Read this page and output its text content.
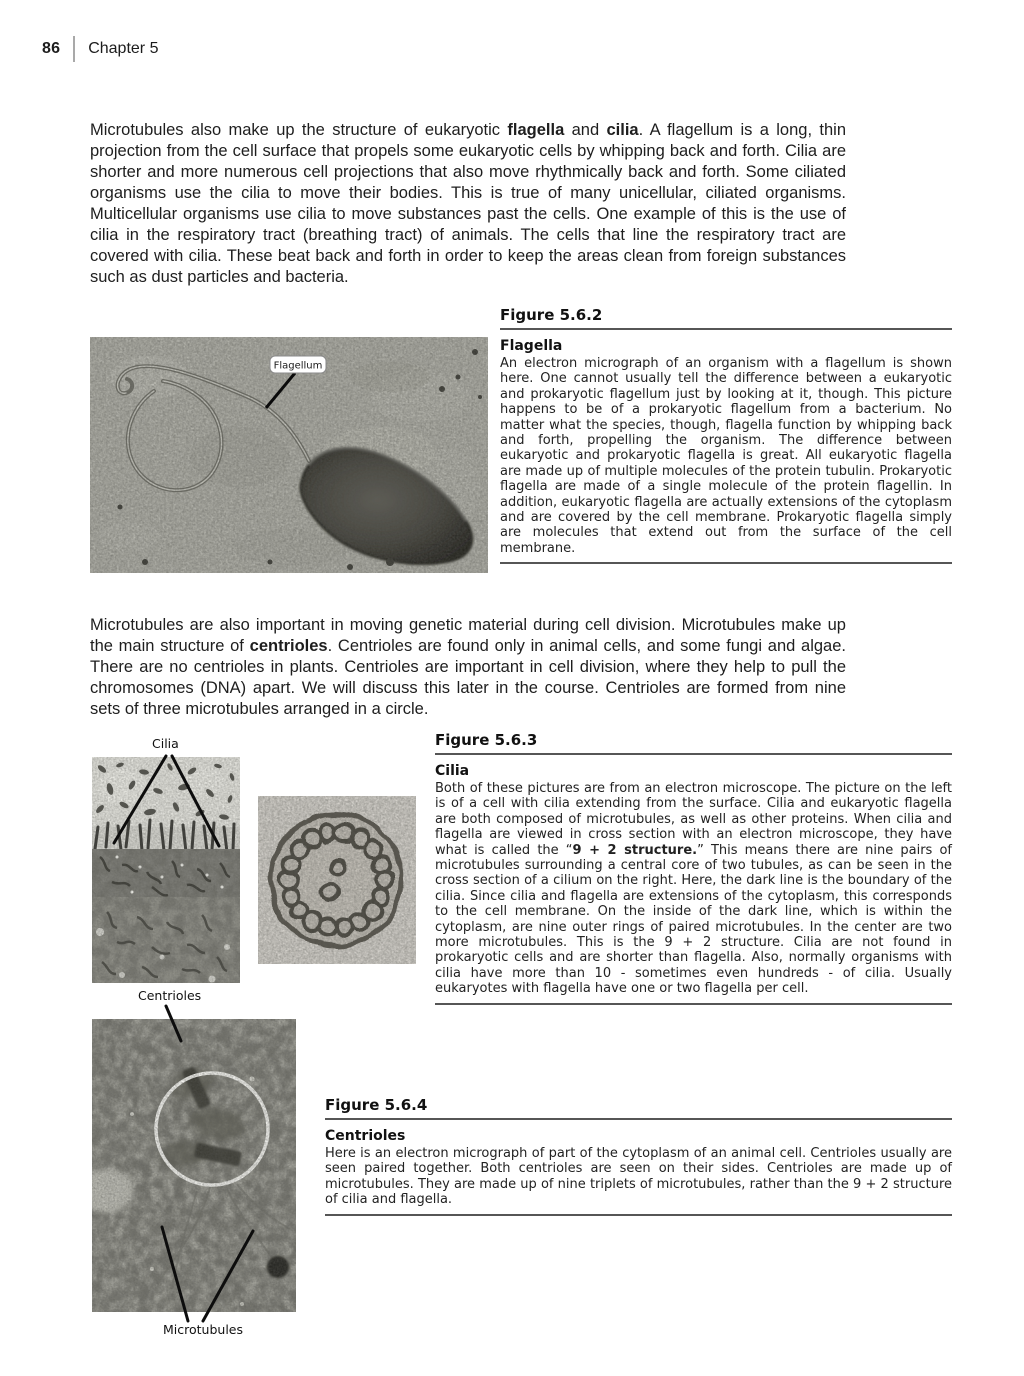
86 Chapter 5

Microtubules also make up the structure of eukaryotic flagella and cilia. A flagellum is a long, thin projection from the cell surface that propels some eukaryotic cells by whipping back and forth. Cilia are shorter and more numerous cell projections that also move rhythmically back and forth. Some ciliated organisms use the cilia to move their bodies. This is true of many unicellular, ciliated organisms. Multicellular organisms use cilia to move substances past the cells. One example of this is the use of cilia in the respiratory tract (breathing tract) of animals. The cells that line the respiratory tract are covered with cilia. These beat back and forth in order to keep the areas clean from foreign substances such as dust particles and bacteria.

Figure 5.6.2
Flagella
An electron micrograph of an organism with a flagellum is shown here. One cannot usually tell the difference between a eukaryotic and prokaryotic flagellum just by looking at it, though. This picture happens to be of a prokaryotic flagellum from a bacterium. No matter what the species, though, flagella function by whipping back and forth, propelling the organism. The difference between eukaryotic and prokaryotic flagella is great. All eukaryotic flagella are made up of multiple molecules of the protein tubulin. Prokaryotic flagella are made of a single molecule of the protein flagellin. In addition, eukaryotic flagella are actually extensions of the cytoplasm and are covered by the cell membrane. Prokaryotic flagella simply are molecules that extend out from the surface of the cell membrane.
Flagellum

Microtubules are also important in moving genetic material during cell division. Microtubules make up the main structure of centrioles. Centrioles are found only in animal cells, and some fungi and algae. There are no centrioles in plants. Centrioles are important in cell division, where they help to pull the chromosomes (DNA) apart. We will discuss this later in the course. Centrioles are formed from nine sets of three microtubules arranged in a circle.

Figure 5.6.3
Cilia
Both of these pictures are from an electron microscope. The picture on the left is of a cell with cilia extending from the surface. Cilia and eukaryotic flagella are both composed of microtubules, as well as other proteins. When cilia and flagella are viewed in cross section with an electron microscope, they have what is called the “9 + 2 structure.” This means there are nine pairs of microtubules surrounding a central core of two tubules, as can be seen in the cross section of a cilium on the right. Here, the dark line is the boundary of the cilia. Since cilia and flagella are extensions of the cytoplasm, this corresponds to the cell membrane. On the inside of the dark line, which is within the cytoplasm, are nine outer rings of paired microtubules. In the center are two more microtubules. This is the 9 + 2 structure. Cilia are not found in prokaryotic cells and are shorter than flagella. Also, normally organisms with cilia have more than 10 - sometimes even hundreds - of cilia. Usually eukaryotes with flagella have one or two flagella per cell.
Figure 5.6.4
Centrioles
Here is an electron micrograph of part of the cytoplasm of an animal cell. Centrioles usually are seen paired together. Both centrioles are seen on their sides. Centrioles are made up of microtubules. They are made up of nine triplets of microtubules, rather than the 9 + 2 structure of cilia and flagella.
Cilia
Centrioles
Microtubules
